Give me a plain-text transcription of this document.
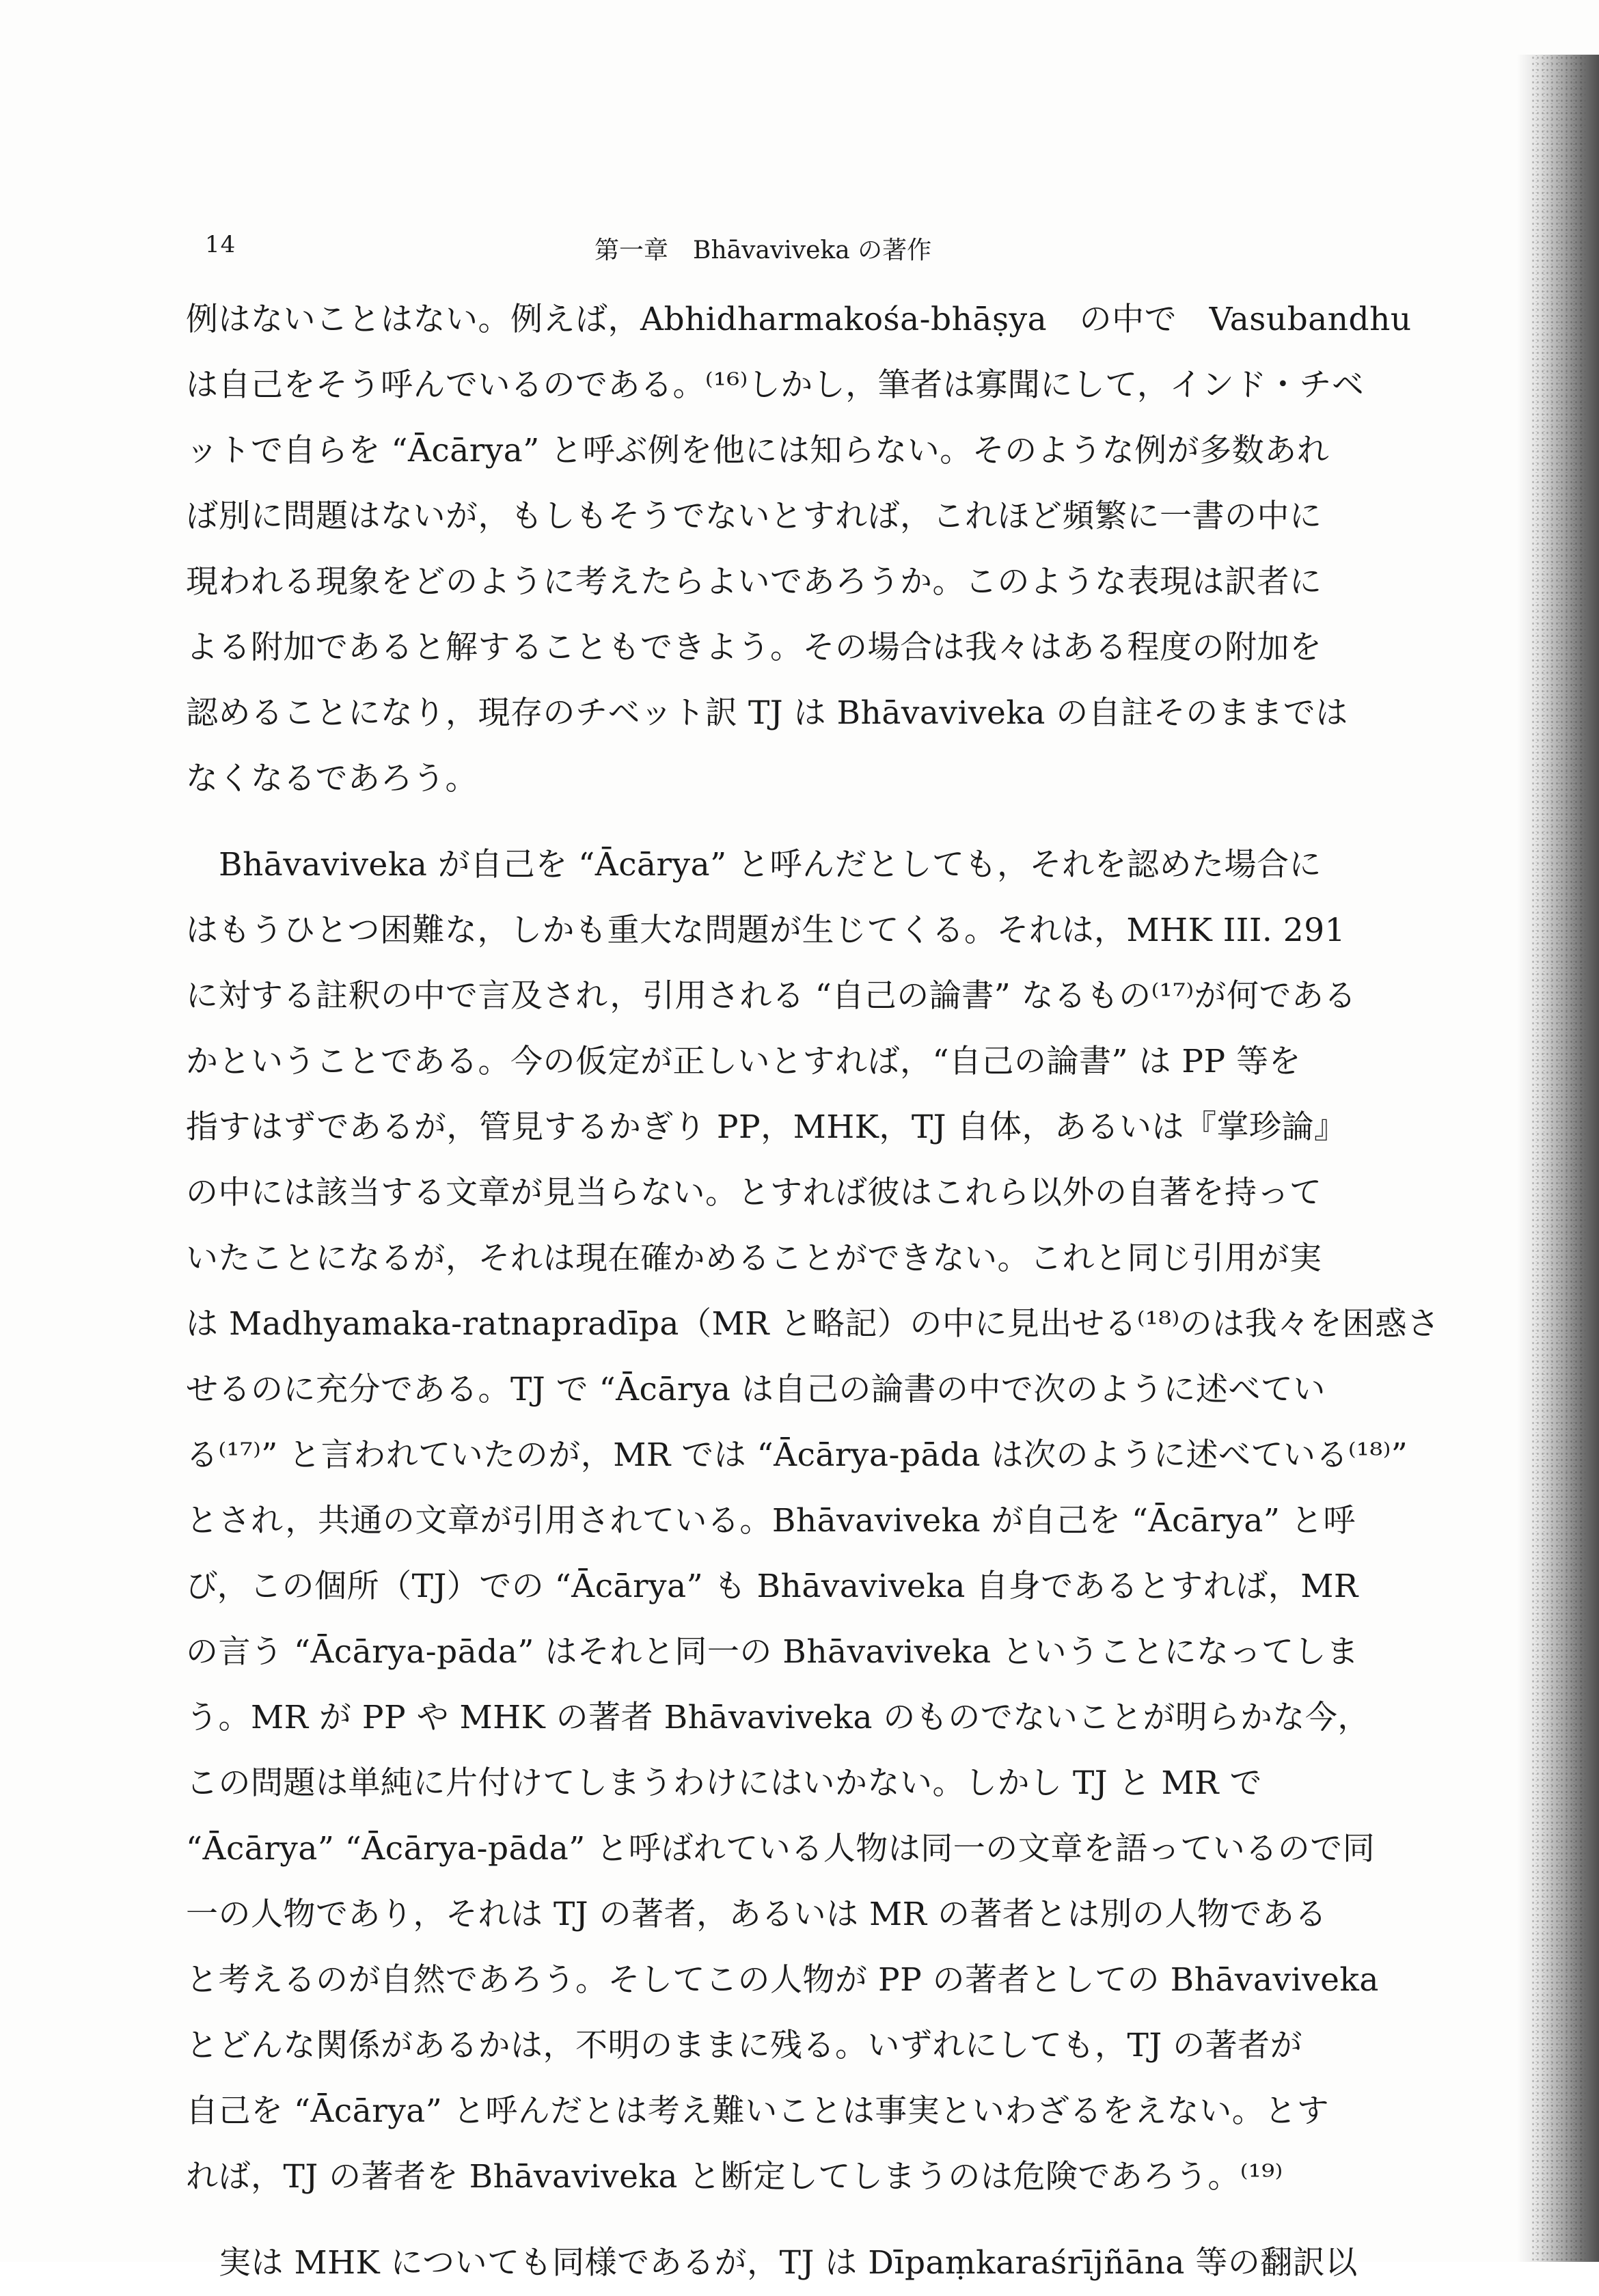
14	第一章　Bhāvaviveka の著作
例はないことはない。例えば，Abhidharmakośa-bhāṣya　の中で　Vasubandhu
は自己をそう呼んでいるのである。⁽¹⁶⁾しかし，筆者は寡聞にして，インド・チベ
ットで自らを “Ācārya” と呼ぶ例を他には知らない。そのような例が多数あれ
ば別に問題はないが，もしもそうでないとすれば，これほど頻繁に一書の中に
現われる現象をどのように考えたらよいであろうか。このような表現は訳者に
よる附加であると解することもできよう。その場合は我々はある程度の附加を
認めることになり，現存のチベット訳 TJ は Bhāvaviveka の自註そのままでは
なくなるであろう。
Bhāvaviveka が自己を “Ācārya” と呼んだとしても，それを認めた場合に
はもうひとつ困難な，しかも重大な問題が生じてくる。それは，MHK III. 291
に対する註釈の中で言及され，引用される “自己の論書” なるもの⁽¹⁷⁾が何である
かということである。今の仮定が正しいとすれば，“自己の論書” は PP 等を
指すはずであるが，管見するかぎり PP，MHK，TJ 自体，あるいは『掌珍論』
の中には該当する文章が見当らない。とすれば彼はこれら以外の自著を持って
いたことになるが，それは現在確かめることができない。これと同じ引用が実
は Madhyamaka-ratnapradīpa（MR と略記）の中に見出せる⁽¹⁸⁾のは我々を困惑さ
せるのに充分である。TJ で “Ācārya は自己の論書の中で次のように述べてい
る⁽¹⁷⁾” と言われていたのが，MR では “Ācārya-pāda は次のように述べている⁽¹⁸⁾”
とされ，共通の文章が引用されている。Bhāvaviveka が自己を “Ācārya” と呼
び，この個所（TJ）での “Ācārya” も Bhāvaviveka 自身であるとすれば，MR
の言う “Ācārya-pāda” はそれと同一の Bhāvaviveka ということになってしま
う。MR が PP や MHK の著者 Bhāvaviveka のものでないことが明らかな今，
この問題は単純に片付けてしまうわけにはいかない。しかし TJ と MR で
“Ācārya” “Ācārya-pāda” と呼ばれている人物は同一の文章を語っているので同
一の人物であり，それは TJ の著者，あるいは MR の著者とは別の人物である
と考えるのが自然であろう。そしてこの人物が PP の著者としての Bhāvaviveka
とどんな関係があるかは，不明のままに残る。いずれにしても，TJ の著者が
自己を “Ācārya” と呼んだとは考え難いことは事実といわざるをえない。とす
れば，TJ の著者を Bhāvaviveka と断定してしまうのは危険であろう。⁽¹⁹⁾
実は MHK についても同様であるが，TJ は Dīpaṃkaraśrījñāna 等の翻訳以
